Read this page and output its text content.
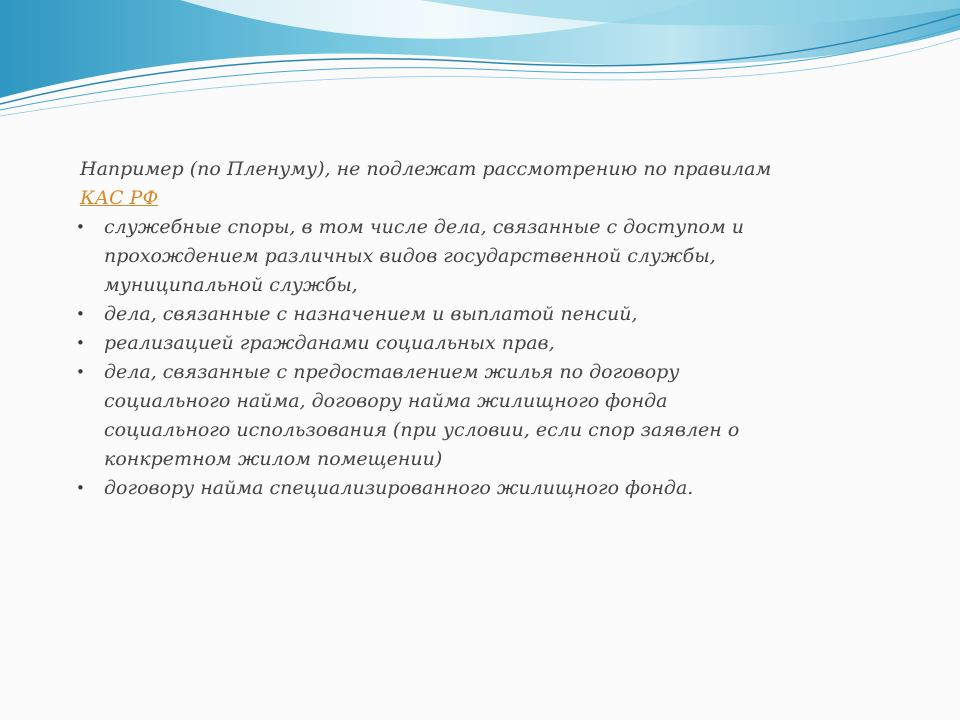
Например (по Пленуму), не подлежат рассмотрению по правилам
КАС РФ

• служебные споры, в том числе дела, связанные с доступом и
прохождением различных видов государственной службы,
муниципальной службы,
• дела, связанные с назначением и выплатой пенсий,
• реализацией гражданами социальных прав,
• дела, связанные с предоставлением жилья по договору
социального найма, договору найма жилищного фонда
социального использования (при условии, если спор заявлен о
конкретном жилом помещении)
• договору найма специализированного жилищного фонда.
